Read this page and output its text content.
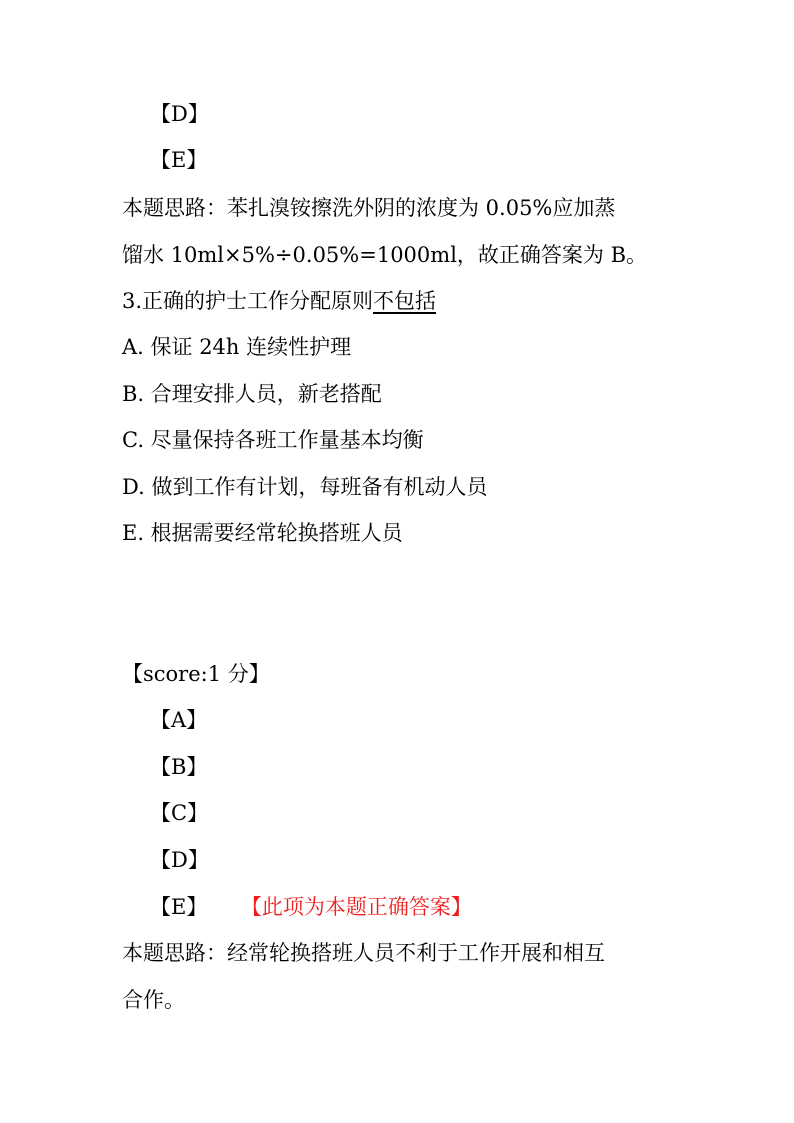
【D】
【E】
本题思路：苯扎溴铵擦洗外阴的浓度为 0.05%应加蒸
馏水 10ml×5%÷0.05%=1000ml，故正确答案为 B。
3.正确的护士工作分配原则不包括
A. 保证 24h 连续性护理
B. 合理安排人员，新老搭配
C. 尽量保持各班工作量基本均衡
D. 做到工作有计划，每班备有机动人员
E. 根据需要经常轮换搭班人员
【score:1 分】
【A】
【B】
【C】
【D】
【E】 【此项为本题正确答案】
本题思路：经常轮换搭班人员不利于工作开展和相互
合作。
